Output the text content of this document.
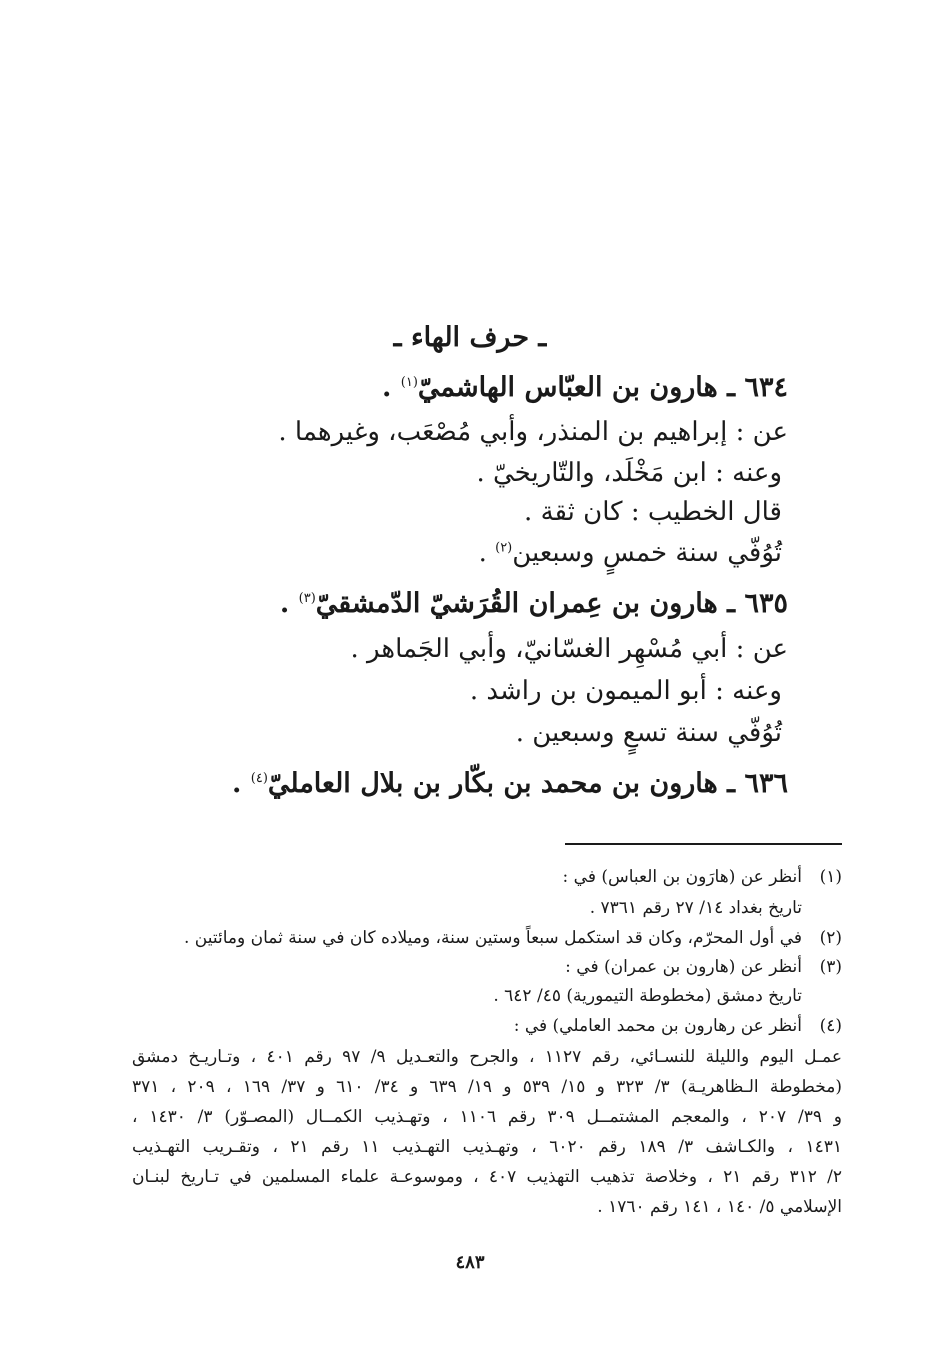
ـ حرف الهاء ـ
٦٣٤ ـ هارون بن العبّاس الهاشميّ$^{(١)}$ .
عن : إبراهيم بن المنذر، وأبي مُصْعَب، وغيرهما .
وعنه : ابن مَخْلَد، والتّاريخيّ .
قال الخطيب : كان ثقة .
تُوُفّي سنة خمسٍ وسبعين$^{(٢)}$ .
٦٣٥ ـ هارون بن عِمران القُرَشيّ الدّمشقيّ$^{(٣)}$ .
عن : أبي مُسْهِر الغسّانيّ، وأبي الجَماهر .
وعنه : أبو الميمون بن راشد .
تُوُفّي سنة تسعٍ وسبعين .
٦٣٦ ـ هارون بن محمد بن بكّار بن بلال العامليّ$^{(٤)}$ .
(١)أنظر عن (هارَون بن العباس) في :
تاريخ بغداد ١٤/ ٢٧ رقم ٧٣٦١ .
(٢)في أول المحرّم، وكان قد استكمل سبعاً وستين سنة، وميلاده كان في سنة ثمان ومائتين .
(٣)أنظر عن (هارون بن عمران) في :
تاريخ دمشق (مخطوطة التيمورية) ٤٥/ ٦٤٢ .
(٤)أنظر عن رهارون بن محمد العاملي) في :
عمـل اليوم والليلة للنسـائي، رقم ١١٢٧ ، والجرح والتعـديل ٩/ ٩٧ رقم ٤٠١ ، وتـاريـخ دمشق
(مخطوطة الـظاهريـة) ٣/ ٣٢٣ و ١٥/ ٥٣٩ و ١٩/ ٦٣٩ و ٣٤/ ٦١٠ و ٣٧/ ١٦٩ ، ٢٠٩ ، ٣٧١
و ٣٩/ ٢٠٧ ، والمعجم المشتمــل ٣٠٩ رقم ١١٠٦ ، وتهـذيب الكمــال (المصـوّر) ٣/ ١٤٣٠ ،
١٤٣١ ، والكـاشف ٣/ ١٨٩ رقم ٦٠٢٠ ، وتهـذيب التهـذيب ١١ رقم ٢١ ، وتقـريب التهـذيب
٢/ ٣١٢ رقم ٢١ ، وخلاصة تذهيب التهذيب ٤٠٧ ، وموسوعـة علماء المسلمين في تـاريخ لبنـان
الإسلامي ٥/ ١٤٠ ، ١٤١ رقم ١٧٦٠ .
٤٨٣
